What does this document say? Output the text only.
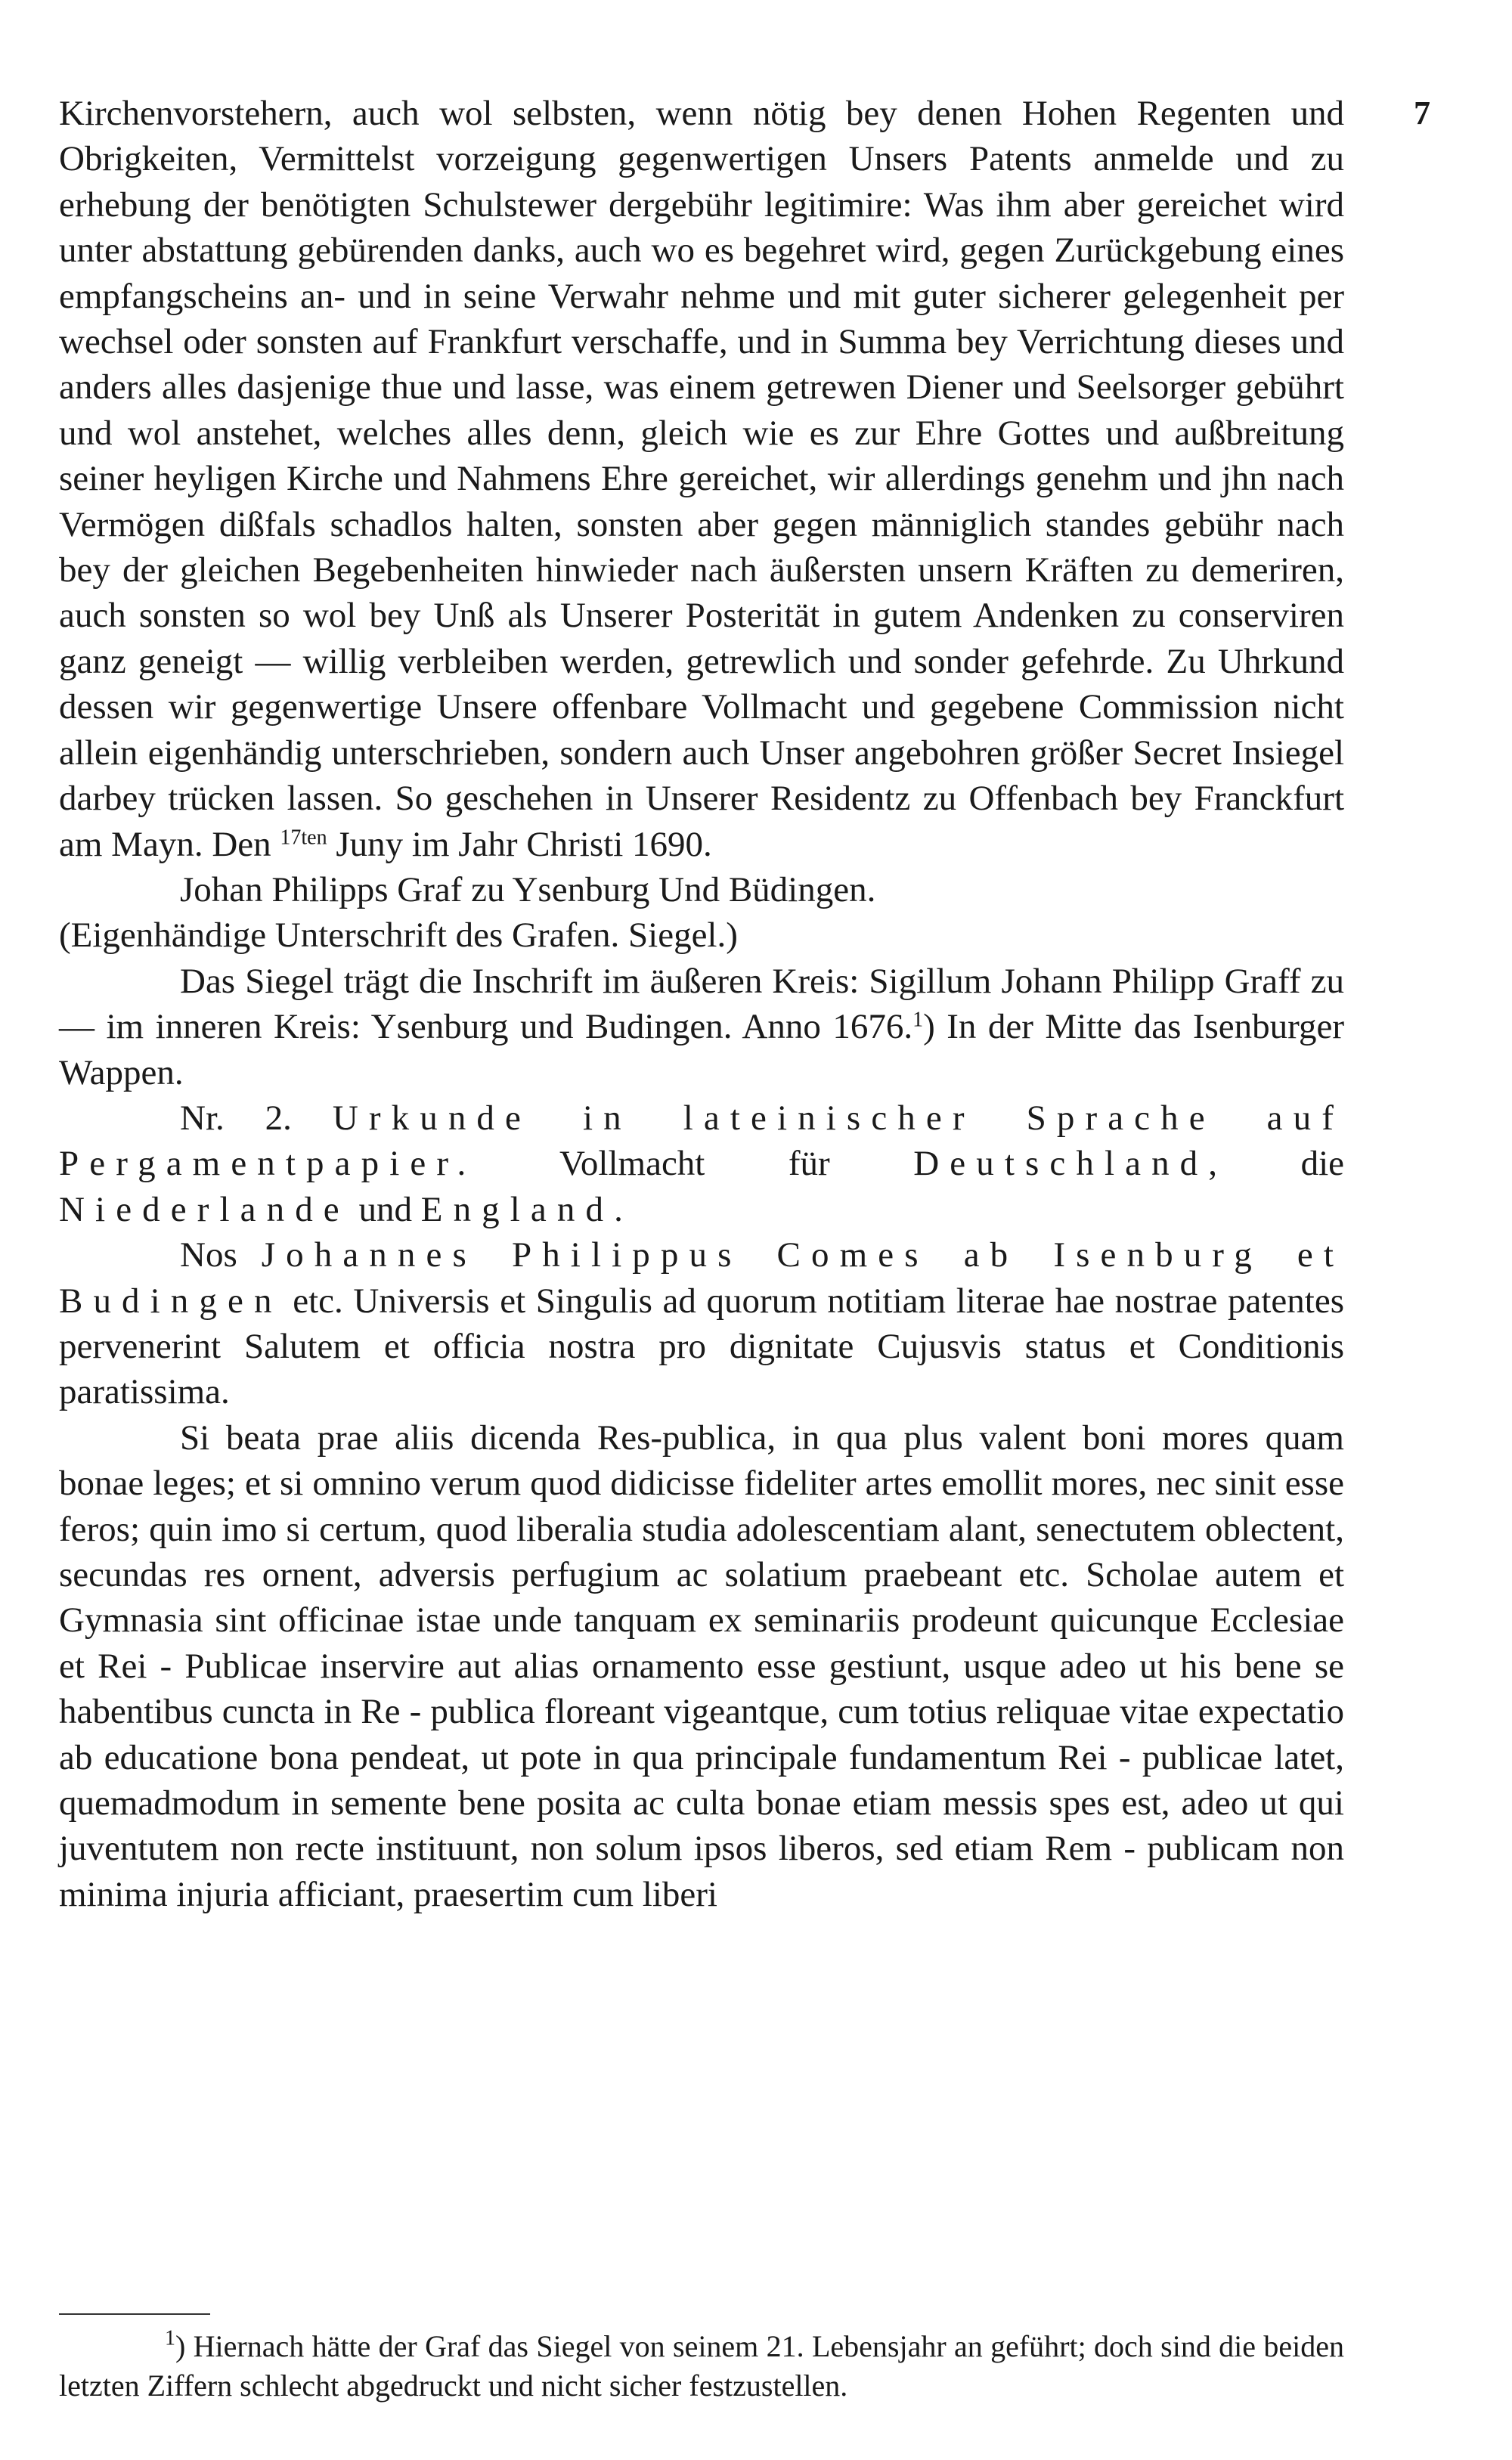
7

Kirchenvorstehern, auch wol selbsten, wenn nötig bey denen Hohen Regenten und Obrigkeiten, Vermittelst vorzeigung gegenwertigen Unsers Patents anmelde und zu erhebung der benötigten Schulstewer dergebühr legitimire: Was ihm aber gereichet wird unter abstattung gebürenden danks, auch wo es begehret wird, gegen Zurückgebung eines empfangscheins an- und in seine Verwahr nehme und mit guter sicherer gelegenheit per wechsel oder sonsten auf Frankfurt verschaffe, und in Summa bey Verrichtung dieses und anders alles dasjenige thue und lasse, was einem getrewen Diener und Seelsorger gebührt und wol anstehet, welches alles denn, gleich wie es zur Ehre Gottes und außbreitung seiner heyligen Kirche und Nahmens Ehre gereichet, wir allerdings genehm und jhn nach Vermögen dißfals schadlos halten, sonsten aber gegen männiglich standes gebühr nach bey der gleichen Begebenheiten hinwieder nach äußersten unsern Kräften zu demeriren, auch sonsten so wol bey Unß als Unserer Posterität in gutem Andenken zu conserviren ganz geneigt — willig verbleiben werden, getrewlich und sonder gefehrde. Zu Uhrkund dessen wir gegenwertige Unsere offenbare Vollmacht und gegebene Commission nicht allein eigenhändig unterschrieben, sondern auch Unser angebohren größer Secret Insiegel darbey trücken lassen. So geschehen in Unserer Residentz zu Offenbach bey Franckfurt am Mayn. Den $^{17ten}$ Juny im Jahr Christi 1690.

Johan Philipps Graf zu Ysenburg Und Büdingen.

(Eigenhändige Unterschrift des Grafen. Siegel.)

Das Siegel trägt die Inschrift im äußeren Kreis: Sigillum Johann Philipp Graff zu — im inneren Kreis: Ysenburg und Budingen. Anno 1676.$^1$) In der Mitte das Isenburger Wappen.

Nr. 2. Urkunde in lateinischer Sprache auf Pergamentpapier. Vollmacht für Deutschland, die Niederlande und England.

Nos Johannes Philippus Comes ab Isenburg et Budingen etc. Universis et Singulis ad quorum notitiam literae hae nostrae patentes pervenerint Salutem et officia nostra pro dignitate Cujusvis status et Conditionis paratissima.

Si beata prae aliis dicenda Res-publica, in qua plus valent boni mores quam bonae leges; et si omnino verum quod didicisse fideliter artes emollit mores, nec sinit esse feros; quin imo si certum, quod liberalia studia adolescentiam alant, senectutem oblectent, secundas res ornent, adversis perfugium ac solatium praebeant etc. Scholae autem et Gymnasia sint officinae istae unde tanquam ex seminariis prodeunt quicunque Ecclesiae et Rei - Publicae inservire aut alias ornamento esse gestiunt, usque adeo ut his bene se habentibus cuncta in Re - publica floreant vigeantque, cum totius reliquae vitae expectatio ab educatione bona pendeat, ut pote in qua principale fundamentum Rei - publicae latet, quemadmodum in semente bene posita ac culta bonae etiam messis spes est, adeo ut qui juventutem non recte instituunt, non solum ipsos liberos, sed etiam Rem - publicam non minima injuria afficiant, praesertim cum liberi

$^1$) Hiernach hätte der Graf das Siegel von seinem 21. Lebensjahr an geführt; doch sind die beiden letzten Ziffern schlecht abgedruckt und nicht sicher festzustellen.
